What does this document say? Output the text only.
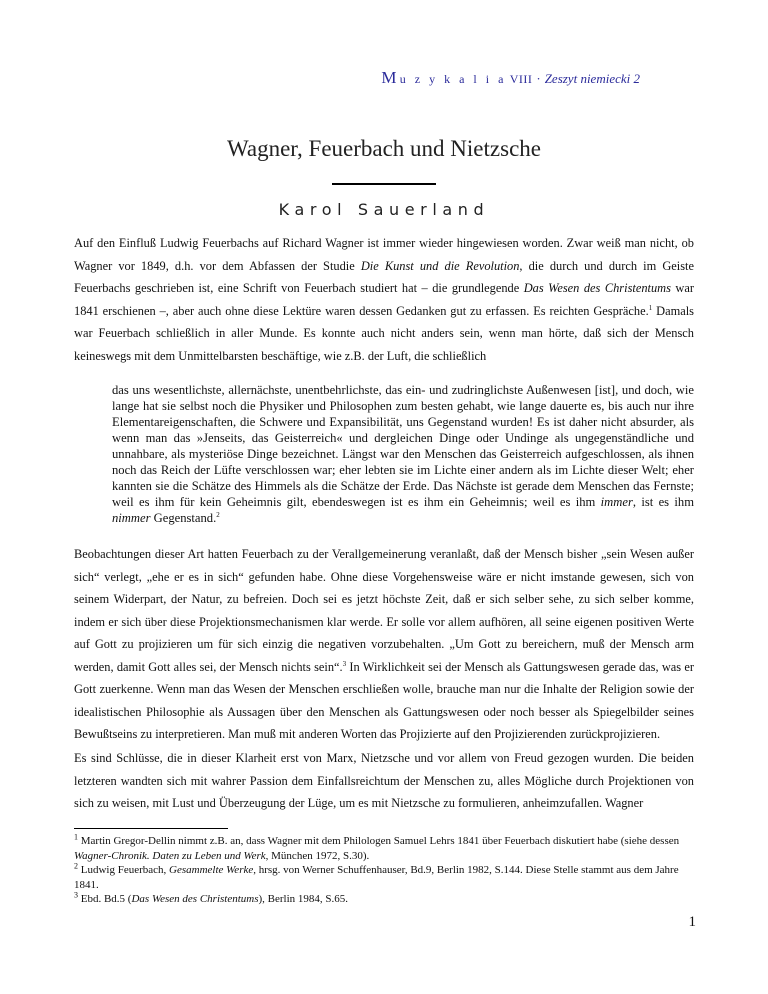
M u z y k a l i a VIII · Zeszyt niemiecki 2
Wagner, Feuerbach und Nietzsche
Karol Sauerland

Auf den Einfluß Ludwig Feuerbachs auf Richard Wagner ist immer wieder hingewiesen worden. Zwar weiß man nicht, ob Wagner vor 1849, d.h. vor dem Abfassen der Studie Die Kunst und die Revolution, die durch und durch im Geiste Feuerbachs geschrieben ist, eine Schrift von Feuerbach studiert hat – die grundlegende Das Wesen des Christentums war 1841 erschienen –, aber auch ohne diese Lektüre waren dessen Gedanken gut zu erfassen. Es reichten Gespräche.$^1$ Damals war Feuerbach schließlich in aller Munde. Es konnte auch nicht anders sein, wenn man hörte, daß sich der Mensch keineswegs mit dem Unmittelbarsten beschäftige, wie z.B. der Luft, die schließlich

das uns wesentlichste, allernächste, unentbehrlichste, das ein- und zudringlichste Außenwesen [ist], und doch, wie lange hat sie selbst noch die Physiker und Philosophen zum besten gehabt, wie lange dauerte es, bis auch nur ihre Elementareigenschaften, die Schwere und Expansibilität, uns Gegenstand wurden! Es ist daher nicht absurder, als wenn man das »Jenseits, das Geisterreich« und dergleichen Dinge oder Undinge als ungegenständliche und unnahbare, als mysteriöse Dinge bezeichnet. Längst war den Menschen das Geisterreich aufgeschlossen, als ihnen noch das Reich der Lüfte verschlossen war; eher lebten sie im Lichte einer andern als im Lichte dieser Welt; eher kannten sie die Schätze des Himmels als die Schätze der Erde. Das Nächste ist gerade dem Menschen das Fernste; weil es ihm für kein Geheimnis gilt, ebendeswegen ist es ihm ein Geheimnis; weil es ihm immer, ist es ihm nimmer Gegenstand.$^2$

Beobachtungen dieser Art hatten Feuerbach zu der Verallgemeinerung veranlaßt, daß der Mensch bisher „sein Wesen außer sich“ verlegt, „ehe er es in sich“ gefunden habe. Ohne diese Vorgehensweise wäre er nicht imstande gewesen, sich von seinem Widerpart, der Natur, zu befreien. Doch sei es jetzt höchste Zeit, daß er sich selber sehe, zu sich selber komme, indem er sich über diese Projektionsmechanismen klar werde. Er solle vor allem aufhören, all seine eigenen positiven Werte auf Gott zu projizieren um für sich einzig die negativen vorzubehalten. „Um Gott zu bereichern, muß der Mensch arm werden, damit Gott alles sei, der Mensch nichts sein“.$^3$ In Wirklichkeit sei der Mensch als Gattungswesen gerade das, was er Gott zuerkenne. Wenn man das Wesen der Menschen erschließen wolle, brauche man nur die Inhalte der Religion sowie der idealistischen Philosophie als Aussagen über den Menschen als Gattungswesen oder noch besser als Spiegelbilder seines Bewußtseins zu interpretieren. Man muß mit anderen Worten das Projizierte auf den Projizierenden zurückprojizieren.

Es sind Schlüsse, die in dieser Klarheit erst von Marx, Nietzsche und vor allem von Freud gezogen wurden. Die beiden letzteren wandten sich mit wahrer Passion dem Einfallsreichtum der Menschen zu, alles Mögliche durch Projektionen von sich zu weisen, mit Lust und Überzeugung der Lüge, um es mit Nietzsche zu formulieren, anheimzufallen. Wagner

$^1$ Martin Gregor-Dellin nimmt z.B. an, dass Wagner mit dem Philologen Samuel Lehrs 1841 über Feuerbach diskutiert habe (siehe dessen Wagner-Chronik. Daten zu Leben und Werk, München 1972, S.30).

$^2$ Ludwig Feuerbach, Gesammelte Werke, hrsg. von Werner Schuffenhauser, Bd.9, Berlin 1982, S.144. Diese Stelle stammt aus dem Jahre 1841.

$^3$ Ebd. Bd.5 (Das Wesen des Christentums), Berlin 1984, S.65.

1
